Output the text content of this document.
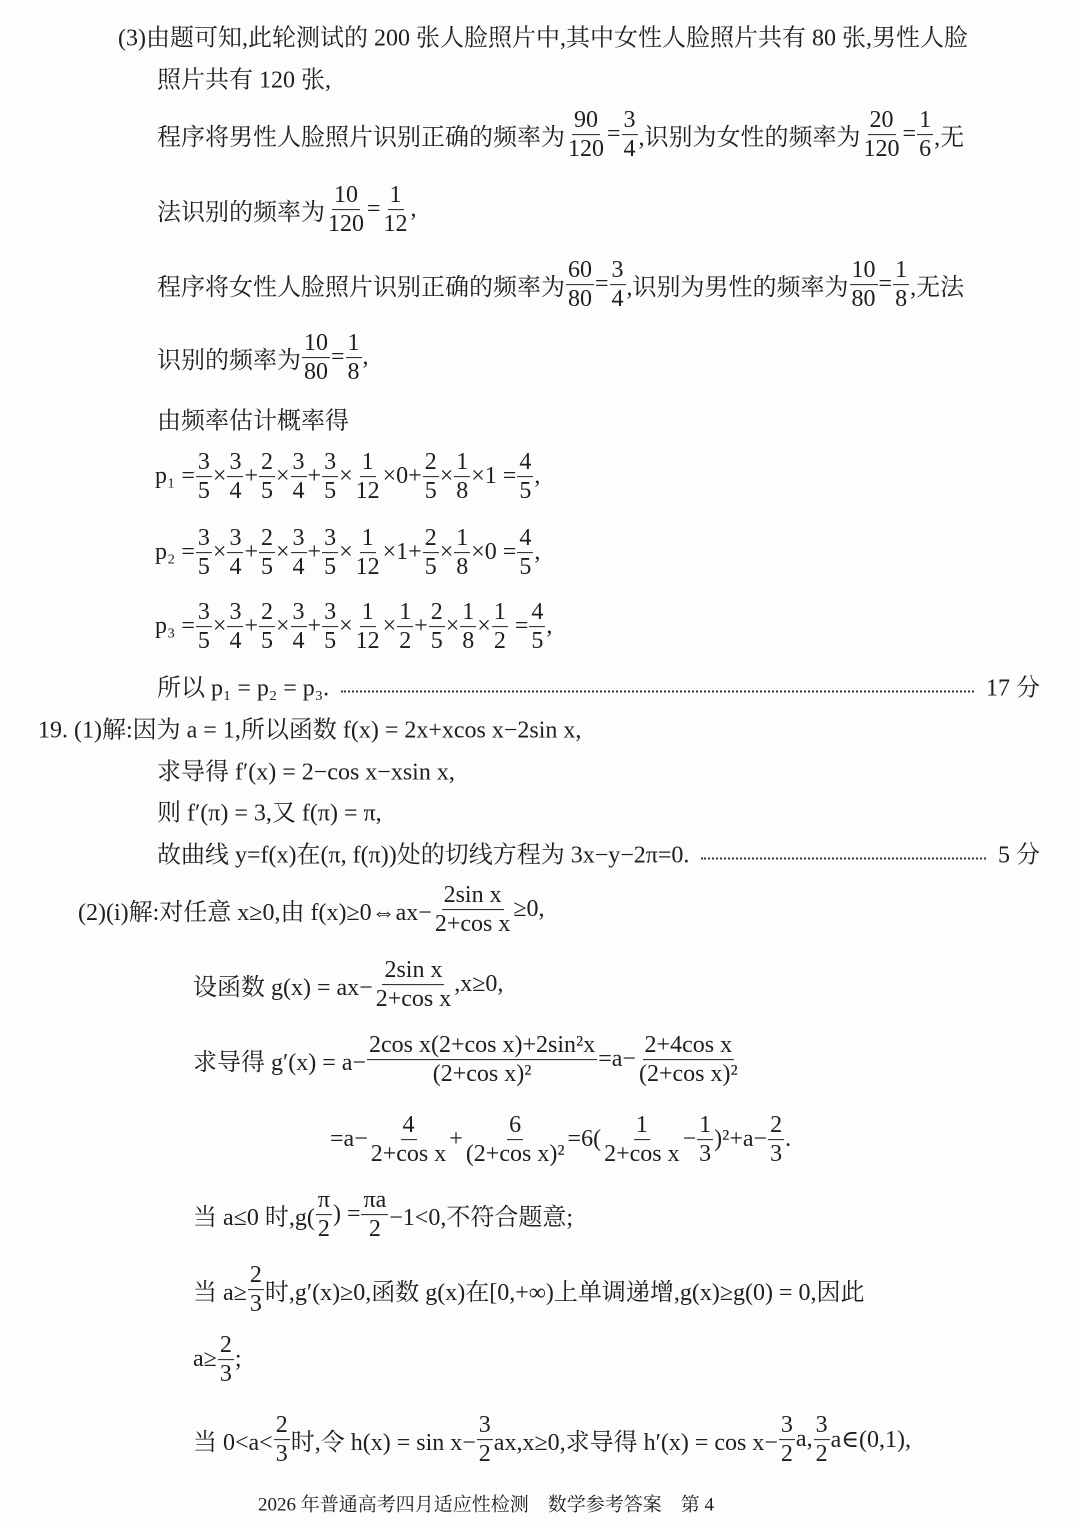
(3)由题可知,此轮测试的 200 张人脸照片中,其中女性人脸照片共有 80 张,男性人脸
照片共有 120 张,
程序将男性人脸照片识别正确的频率为 $\frac{90}{120} = \frac{3}{4}$ ,识别为女性的频率为 $\frac{20}{120} = \frac{1}{6}$ ,无
法识别的频率为 $\frac{10}{120} = \frac{1}{12}$ ,
程序将女性人脸照片识别正确的频率为 $\frac{60}{80} = \frac{3}{4}$ ,识别为男性的频率为 $\frac{10}{80} = \frac{1}{8}$ ,无法
识别的频率为 $\frac{10}{80} = \frac{1}{8}$ ,
由频率估计概率得
$p_1 = \frac{3}{5} \times \frac{3}{4} + \frac{2}{5} \times \frac{3}{4} + \frac{3}{5} \times \frac{1}{12} \times 0+ \frac{2}{5} \times \frac{1}{8} \times 1 = \frac{4}{5}$ ,
$p_2 = \frac{3}{5} \times \frac{3}{4} + \frac{2}{5} \times \frac{3}{4} + \frac{3}{5} \times \frac{1}{12} \times 1+ \frac{2}{5} \times \frac{1}{8} \times 0 = \frac{4}{5}$ ,
$p_3 = \frac{3}{5} \times \frac{3}{4} + \frac{2}{5} \times \frac{3}{4} + \frac{3}{5} \times \frac{1}{12} \times \frac{1}{2} + \frac{2}{5} \times \frac{1}{8} \times \frac{1}{2} = \frac{4}{5}$ ,
所以 p₁ = p₂ = p₃.	17 分
19. (1)解:因为 a = 1,所以函数 f(x) = 2x+xcos x−2sin x,
求导得 f′(x) = 2−cos x−xsin x,
则 f′(π) = 3,又 f(π) = π,
故曲线 y=f(x)在(π, f(π))处的切线方程为 3x−y−2π=0.	5 分
(2)(i)解:对任意 x≥0,由 f(x)≥0⇔ax− $\frac{\text{2sin x}}{\text{2+cos x}} \ge 0$,
设函数 $g(x) = ax- \frac{\text{2sin x}}{\text{2+cos x}} ,x\ge 0$,
求导得 $g'(x) = a- \frac{\text{2cos x(2+cos x)+2sin²x}}{\text{(2+cos x)²}} =a- \frac{\text{2+4cos x}}{\text{(2+cos x)²}}$
$=a- \frac{4}{\text{2+cos x}} + \frac{6}{\text{(2+cos x)²}} =6( \frac{1}{\text{2+cos x}} - \frac{1}{3} )^2+a- \frac{2}{3}$ .
当 a≤0 时$,g( \frac{\pi}{2}$ ) = $\frac{\pi a}{2} -1<0$,不符合题意;
当 $a\ge \frac{2}{3}$ 时,g′(x)≥0,函数 g(x)在[0,+∞)上单调递增,g(x)≥g(0) = 0,因此
$a\ge \frac{2}{3}$ ;
当 $0<a< \frac{2}{3}$ 时,令 $h(x) = \sin x- \frac{3}{2} ax,x\ge 0$,求导得 $h'(x) = \cos x- \frac{3}{2} a$, $\frac{3}{2}$ a∈(0,1),
2026 年普通高考四月适应性检测　数学参考答案　第 4
